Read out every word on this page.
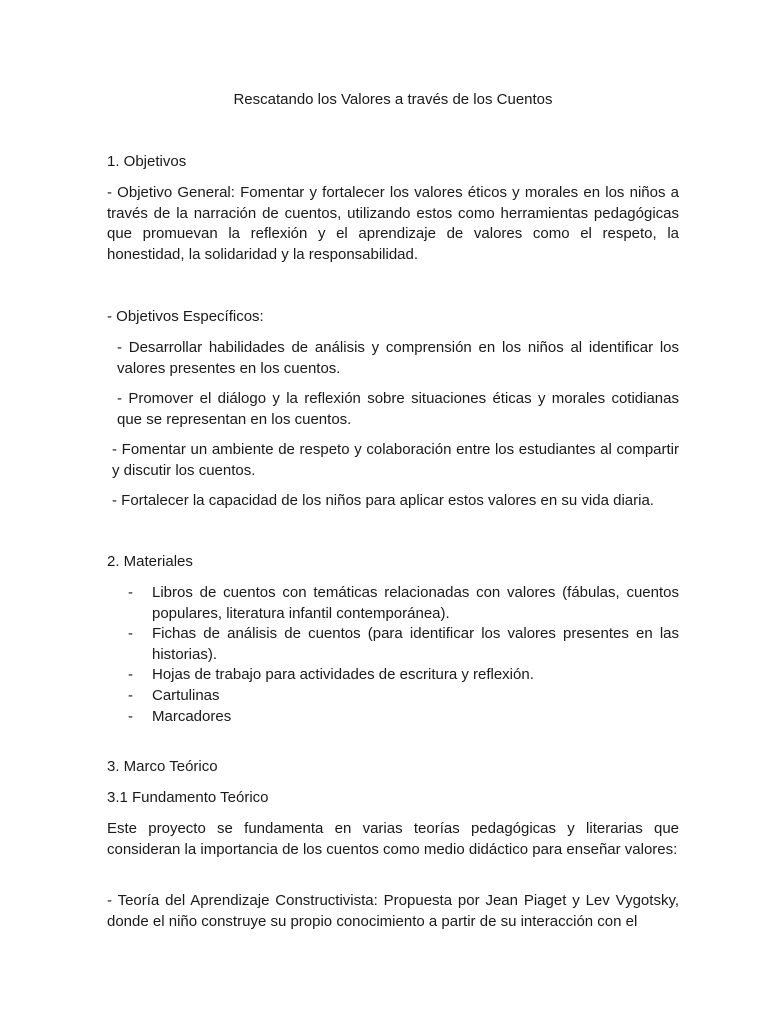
Rescatando los Valores a través de los Cuentos

1. Objetivos

- Objetivo General: Fomentar y fortalecer los valores éticos y morales en los niños a través de la narración de cuentos, utilizando estos como herramientas pedagógicas que promuevan la reflexión y el aprendizaje de valores como el respeto, la honestidad, la solidaridad y la responsabilidad.

- Objetivos Específicos:

- Desarrollar habilidades de análisis y comprensión en los niños al identificar los valores presentes en los cuentos.

- Promover el diálogo y la reflexión sobre situaciones éticas y morales cotidianas que se representan en los cuentos.

- Fomentar un ambiente de respeto y colaboración entre los estudiantes al compartir y discutir los cuentos.

- Fortalecer la capacidad de los niños para aplicar estos valores en su vida diaria.

2. Materiales

- Libros de cuentos con temáticas relacionadas con valores (fábulas, cuentos populares, literatura infantil contemporánea).
- Fichas de análisis de cuentos (para identificar los valores presentes en las historias).
- Hojas de trabajo para actividades de escritura y reflexión.
- Cartulinas
- Marcadores

3. Marco Teórico

3.1 Fundamento Teórico

Este proyecto se fundamenta en varias teorías pedagógicas y literarias que consideran la importancia de los cuentos como medio didáctico para enseñar valores:

- Teoría del Aprendizaje Constructivista: Propuesta por Jean Piaget y Lev Vygotsky, donde el niño construye su propio conocimiento a partir de su interacción con el
